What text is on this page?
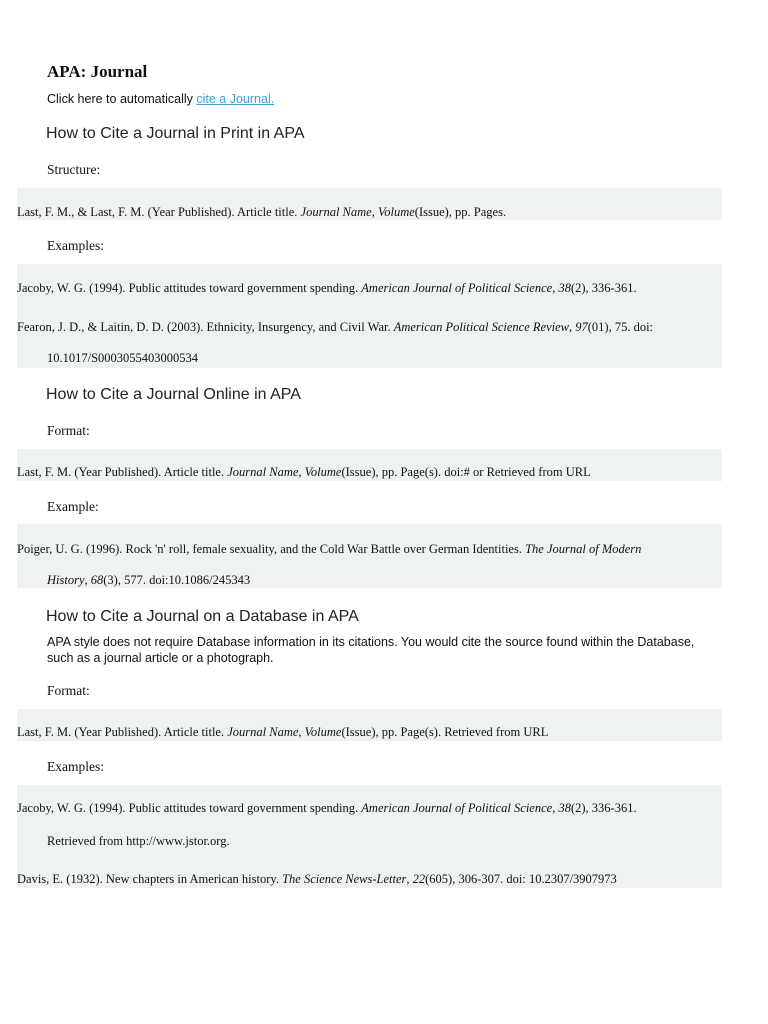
APA: Journal

Click here to automatically cite a Journal.

How to Cite a Journal in Print in APA

Structure:

Last, F. M., & Last, F. M. (Year Published). Article title. Journal Name, Volume(Issue), pp. Pages.

Examples:

Jacoby, W. G. (1994). Public attitudes toward government spending. American Journal of Political Science, 38(2), 336-361.

Fearon, J. D., & Laitin, D. D. (2003). Ethnicity, Insurgency, and Civil War. American Political Science Review, 97(01), 75. doi:

10.1017/S0003055403000534

How to Cite a Journal Online in APA

Format:

Last, F. M. (Year Published). Article title. Journal Name, Volume(Issue), pp. Page(s). doi:# or Retrieved from URL

Example:

Poiger, U. G. (1996). Rock 'n' roll, female sexuality, and the Cold War Battle over German Identities. The Journal of Modern

History, 68(3), 577. doi:10.1086/245343

How to Cite a Journal on a Database in APA

APA style does not require Database information in its citations. You would cite the source found within the Database, such as a journal article or a photograph.

Format:

Last, F. M. (Year Published). Article title. Journal Name, Volume(Issue), pp. Page(s). Retrieved from URL

Examples:

Jacoby, W. G. (1994). Public attitudes toward government spending. American Journal of Political Science, 38(2), 336-361.

Retrieved from http://www.jstor.org.

Davis, E. (1932). New chapters in American history. The Science News-Letter, 22(605), 306-307. doi: 10.2307/3907973
